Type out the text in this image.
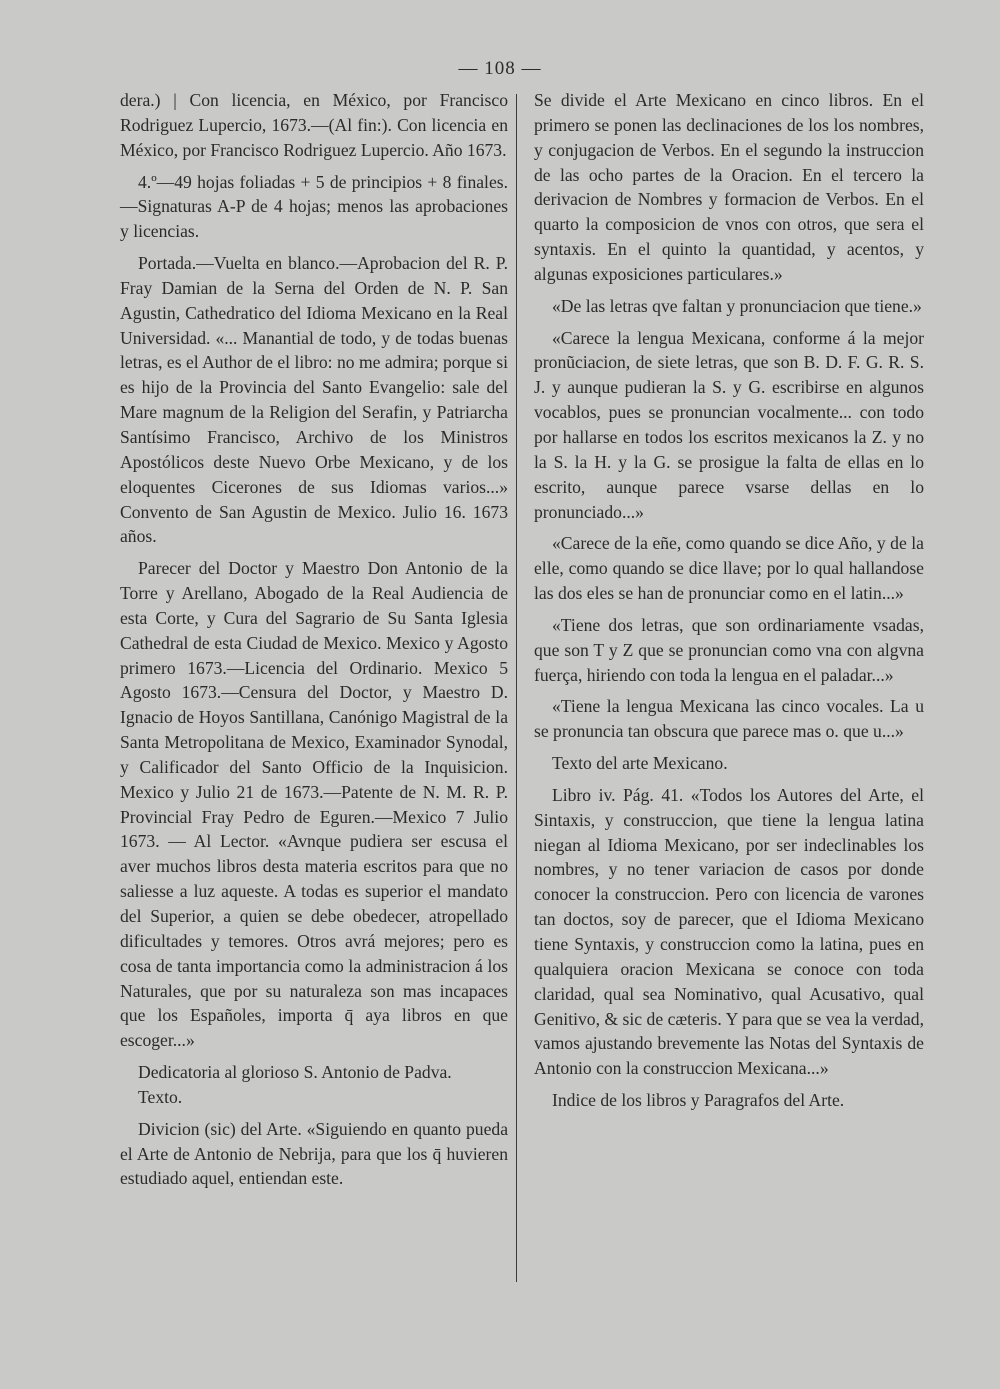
— 108 —

dera.) | Con licencia, en México, por Francisco Rodriguez Lupercio, 1673.—(Al fin:). Con licencia en México, por Francisco Rodriguez Lupercio. Año 1673.

4.º—49 hojas foliadas + 5 de principios + 8 finales.—Signaturas A-P de 4 hojas; menos las aprobaciones y licencias.

Portada.—Vuelta en blanco.—Aprobacion del R. P. Fray Damian de la Serna del Orden de N. P. San Agustin, Cathedratico del Idioma Mexicano en la Real Universidad. «... Manantial de todo, y de todas buenas letras, es el Author de el libro: no me admira; porque si es hijo de la Provincia del Santo Evangelio: sale del Mare magnum de la Religion del Serafin, y Patriarcha Santísimo Francisco, Archivo de los Ministros Apostólicos deste Nuevo Orbe Mexicano, y de los eloquentes Cicerones de sus Idiomas varios...» Convento de San Agustin de Mexico. Julio 16. 1673 años.

Parecer del Doctor y Maestro Don Antonio de la Torre y Arellano, Abogado de la Real Audiencia de esta Corte, y Cura del Sagrario de Su Santa Iglesia Cathedral de esta Ciudad de Mexico. Mexico y Agosto primero 1673.—Licencia del Ordinario. Mexico 5 Agosto 1673.—Censura del Doctor, y Maestro D. Ignacio de Hoyos Santillana, Canónigo Magistral de la Santa Metropolitana de Mexico, Examinador Synodal, y Calificador del Santo Officio de la Inquisicion. Mexico y Julio 21 de 1673.—Patente de N. M. R. P. Provincial Fray Pedro de Eguren.—Mexico 7 Julio 1673. — Al Lector. «Avnque pudiera ser escusa el aver muchos libros desta materia escritos para que no saliesse a luz aqueste. A todas es superior el mandato del Superior, a quien se debe obedecer, atropellado dificultades y temores. Otros avrá mejores; pero es cosa de tanta importancia como la administracion á los Naturales, que por su naturaleza son mas incapaces que los Españoles, importa q̄ aya libros en que escoger...»

Dedicatoria al glorioso S. Antonio de Padva.

Texto.

Divicion (sic) del Arte. «Siguiendo en quanto pueda el Arte de Antonio de Nebrija, para que los q̄ huvieren estudiado aquel, entiendan este.

Se divide el Arte Mexicano en cinco libros. En el primero se ponen las declinaciones de los los nombres, y conjugacion de Verbos. En el segundo la instruccion de las ocho partes de la Oracion. En el tercero la derivacion de Nombres y formacion de Verbos. En el quarto la composicion de vnos con otros, que sera el syntaxis. En el quinto la quantidad, y acentos, y algunas exposiciones particulares.»

«De las letras qve faltan y pronunciacion que tiene.»

«Carece la lengua Mexicana, conforme á la mejor pronũciacion, de siete letras, que son B. D. F. G. R. S. J. y aunque pudieran la S. y G. escribirse en algunos vocablos, pues se pronuncian vocalmente... con todo por hallarse en todos los escritos mexicanos la Z. y no la S. la H. y la G. se prosigue la falta de ellas en lo escrito, aunque parece vsarse dellas en lo pronunciado...»

«Carece de la eñe, como quando se dice Año, y de la elle, como quando se dice llave; por lo qual hallandose las dos eles se han de pronunciar como en el latin...»

«Tiene dos letras, que son ordinariamente vsadas, que son T y Z que se pronuncian como vna con algvna fuerça, hiriendo con toda la lengua en el paladar...»

«Tiene la lengua Mexicana las cinco vocales. La u se pronuncia tan obscura que parece mas o. que u...»

Texto del arte Mexicano.

Libro iv. Pág. 41. «Todos los Autores del Arte, el Sintaxis, y construccion, que tiene la lengua latina niegan al Idioma Mexicano, por ser indeclinables los nombres, y no tener variacion de casos por donde conocer la construccion. Pero con licencia de varones tan doctos, soy de parecer, que el Idioma Mexicano tiene Syntaxis, y construccion como la latina, pues en qualquiera oracion Mexicana se conoce con toda claridad, qual sea Nominativo, qual Acusativo, qual Genitivo, & sic de cæteris. Y para que se vea la verdad, vamos ajustando brevemente las Notas del Syntaxis de Antonio con la construccion Mexicana...»

Indice de los libros y Paragrafos del Arte.
